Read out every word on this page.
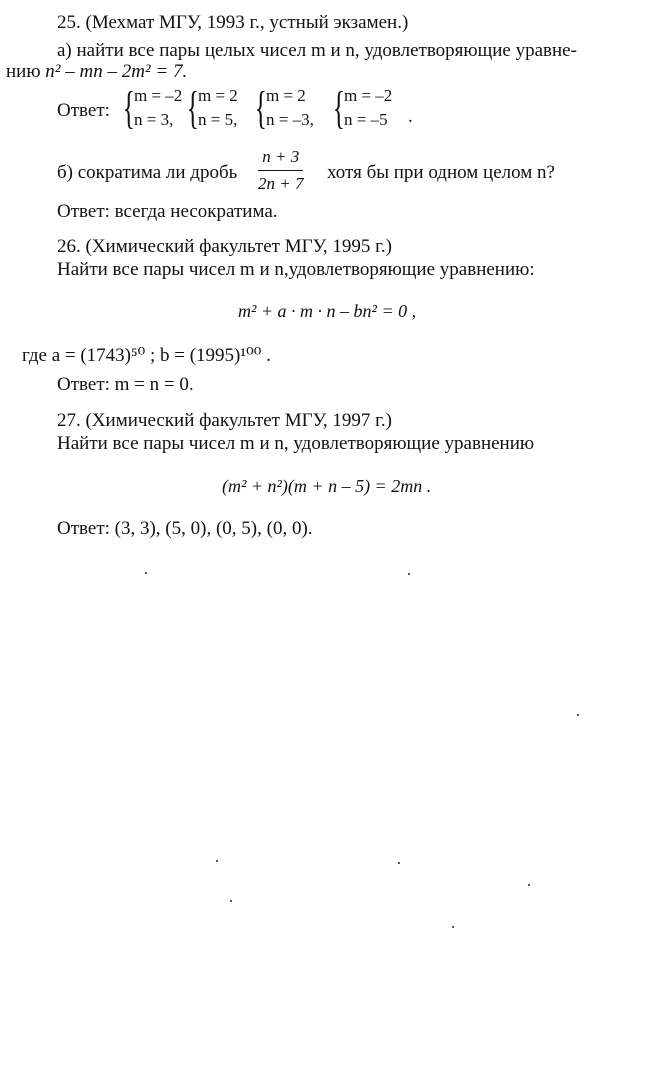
25. (Мехмат МГУ, 1993 г., устный экзамен.)
а) найти все пары целых чисел m и n, удовлетворяющие уравне-
нию n² – mn – 2m² = 7.
Ответ: { m = –2
n = 3, { m = 2
n = 5, { m = 2
n = –3, { m = –2
n = –5 .
б) сократима ли дробь $\frac{n + 3}{2n + 7}$ хотя бы при одном целом n?
Ответ: всегда несократима.
26. (Химический факультет МГУ, 1995 г.)
Найти все пары чисел m и n,удовлетворяющие уравнению:
m² + a · m · n – bn² = 0 ,
где a = (1743)⁵⁰ ; b = (1995)¹⁰⁰ .
Ответ: m = n = 0.
27. (Химический факультет МГУ, 1997 г.)
Найти все пары чисел m и n, удовлетворяющие уравнению
(m² + n²)(m + n – 5) = 2mn .
Ответ: (3, 3), (5, 0), (0, 5), (0, 0).
